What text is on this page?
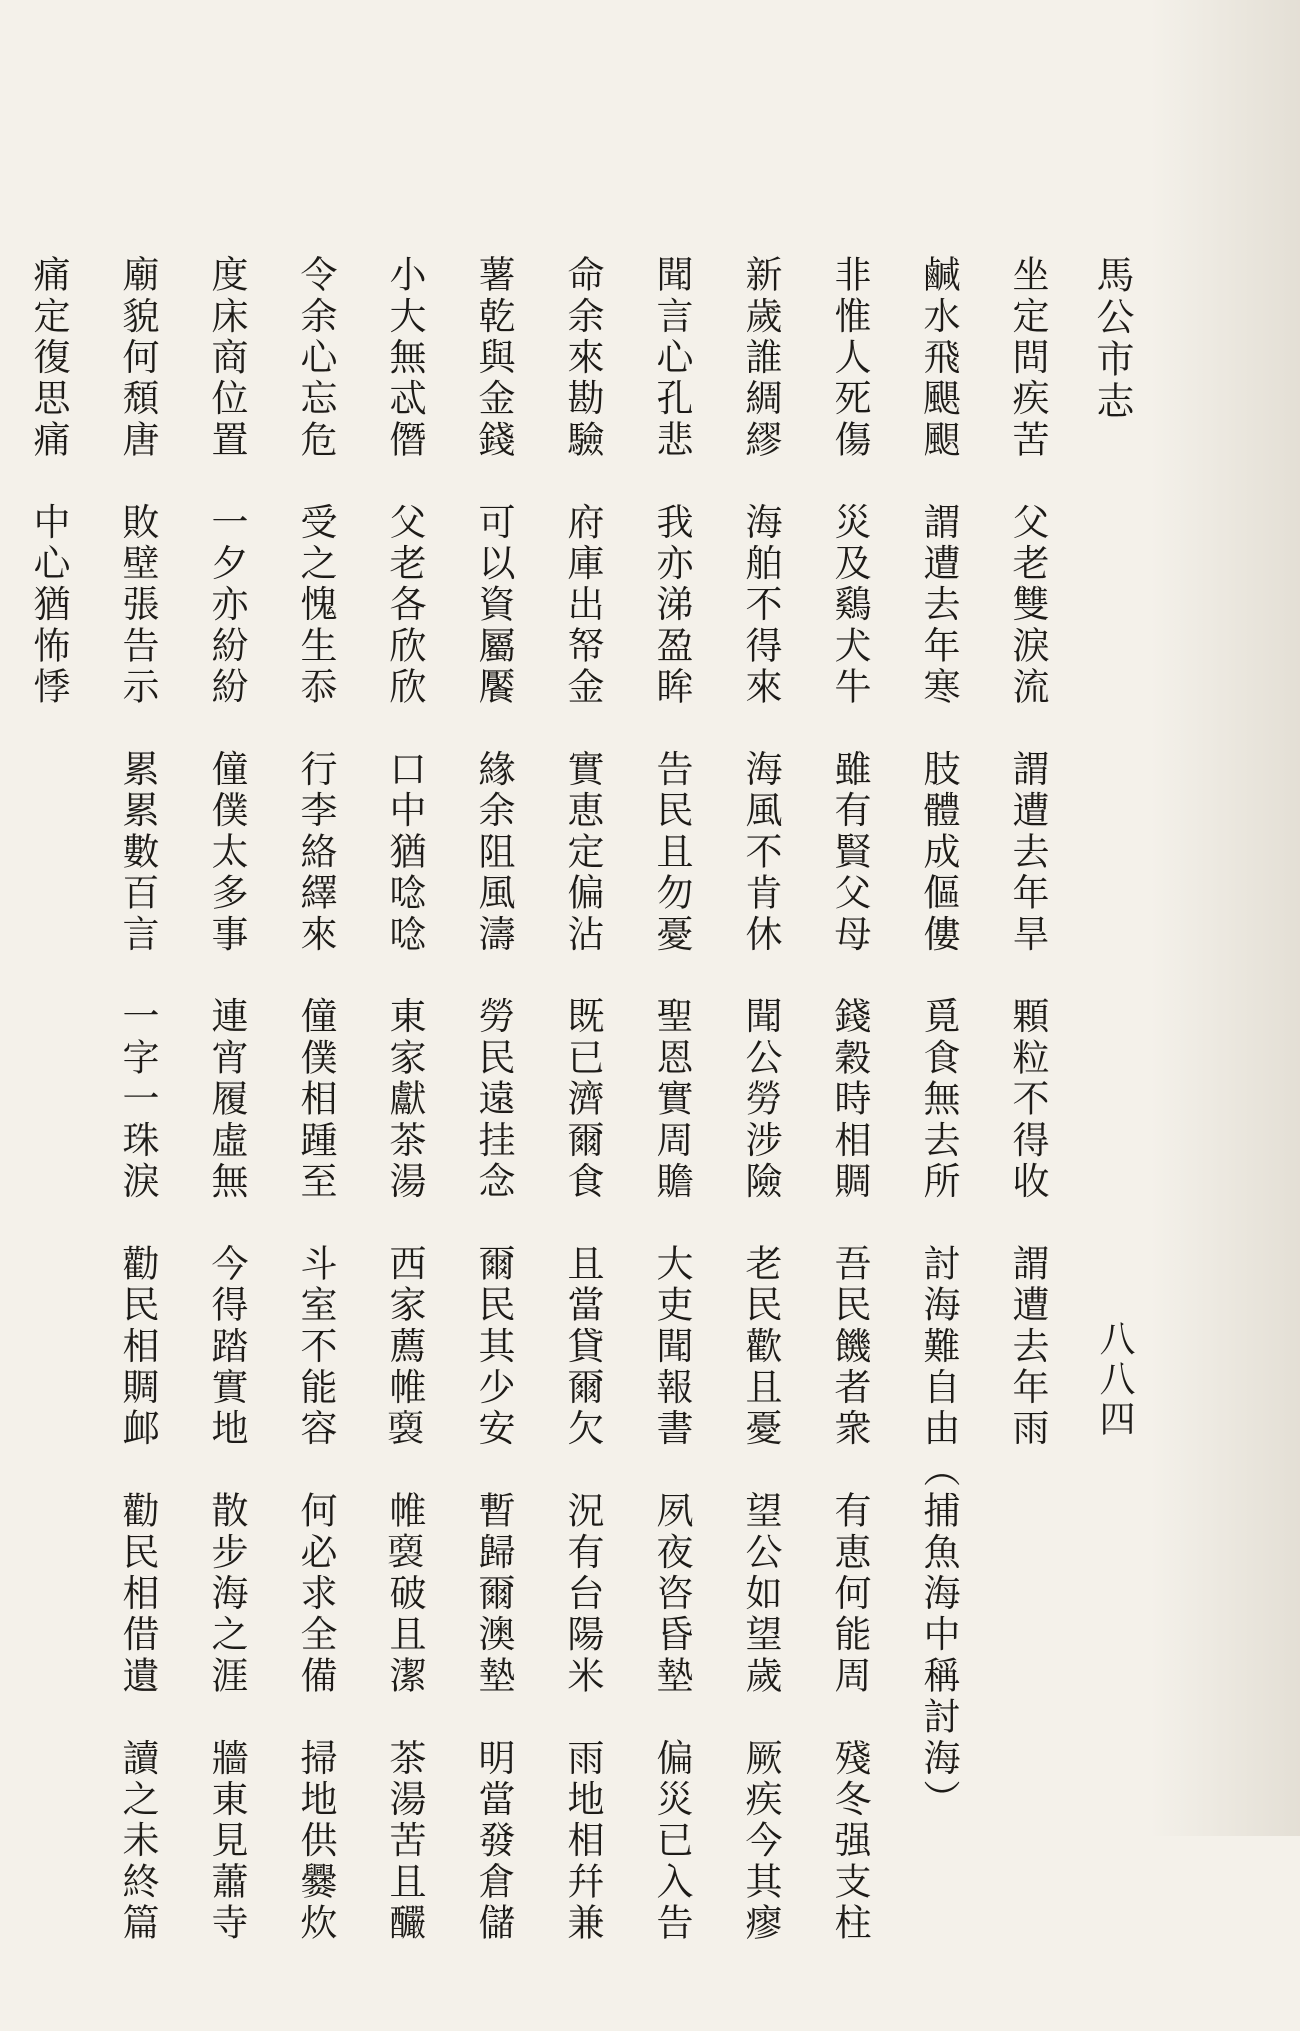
馬公市志
八八四
坐定問疾苦　父老雙淚流　謂遭去年旱　顆粒不得收　謂遭去年雨
鹹水飛颶𩗗　謂遭去年寒　肢體成傴僂　覓食無去所　討海難自由（捕魚海中稱討海）
非惟人死傷　災及鷄犬牛　雖有賢父母　錢穀時相賙　吾民饑者衆　有恵何能周　殘冬强支柱
新歲誰綢繆　海舶不得來　海風不肯休　聞公勞涉險　老民歡且憂　望公如望歲　厥疾今其瘳
聞言心孔悲　我亦涕盈眸　告民且勿憂　聖恩實周贍　大吏聞報書　夙夜咨昏墊　偏災已入告
命余來勘驗　府庫出帑金　實恵定偏沾　既已濟爾食　且當貸爾欠　況有台陽米　雨地相幷兼
薯乾與金錢　可以資屬饜　緣余阻風濤　勞民遠挂念　爾民其少安　暫歸爾澳墊　明當發倉儲
小大無忒僭　父老各欣欣　口中猶唸唸　東家獻茶湯　西家薦帷𧜟　帷𧜟破且潔　茶湯苦且釅
令余心忘危　受之愧生忝　行李絡繹來　僮僕相踵至　斗室不能容　何必求全備　掃地供爨炊
度床商位置　一夕亦紛紛　僮僕太多事　連宵履虛無　今得踏實地　散步海之涯　牆東見蕭寺
廟貌何頹唐　敗壁張告示　累累數百言　一字一珠淚　勸民相賙䘏　勸民相借遺　讀之未終篇
痛定復思痛　中心猶怖悸
